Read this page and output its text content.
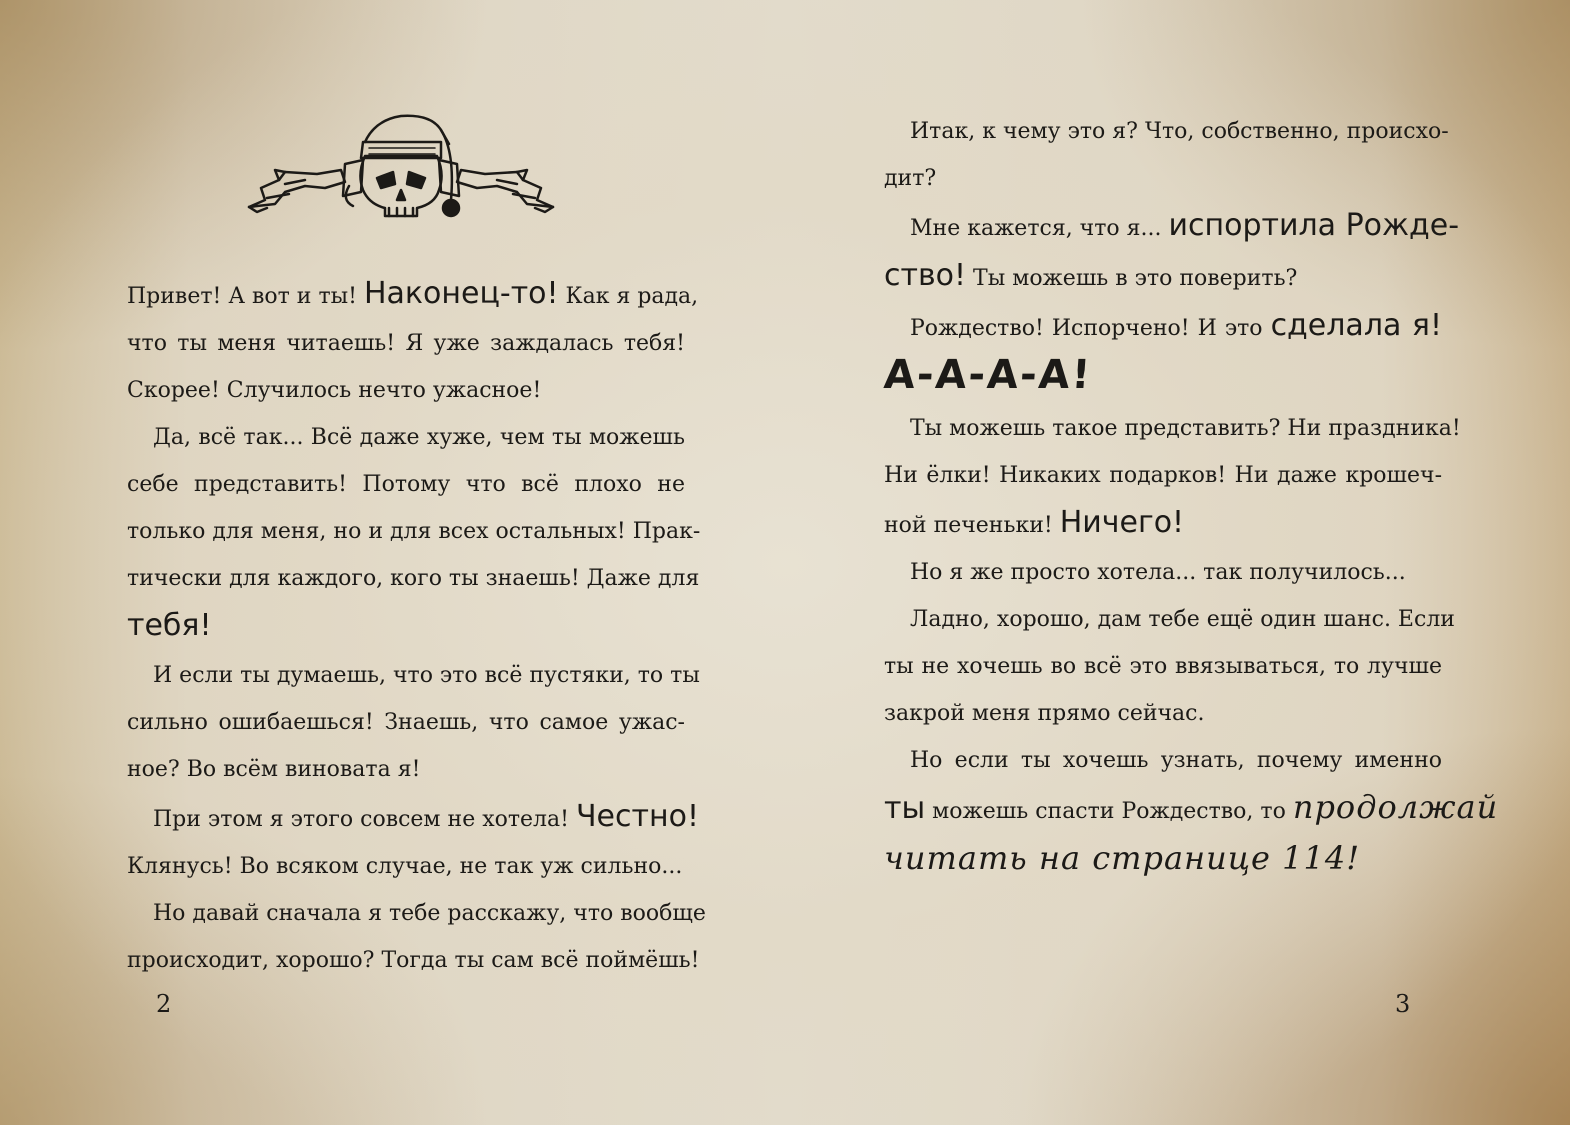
Привет! А вот и ты! Наконец-то! Как я рада,
что ты меня читаешь! Я уже заждалась тебя!
Скорее! Случилось нечто ужасное!
Да, всё так... Всё даже хуже, чем ты можешь
себе представить! Потому что всё плохо не
только для меня, но и для всех остальных! Прак-
тически для каждого, кого ты знаешь! Даже для
тебя!
И если ты думаешь, что это всё пустяки, то ты
сильно ошибаешься! Знаешь, что самое ужас-
ное? Во всём виновата я!
При этом я этого совсем не хотела! Честно!
Клянусь! Во всяком случае, не так уж сильно...
Но давай сначала я тебе расскажу, что вообще
происходит, хорошо? Тогда ты сам всё поймёшь!
2
Итак, к чему это я? Что, собственно, происхо-
дит?
Мне кажется, что я... испортила Рожде-
ство! Ты можешь в это поверить?
Рождество! Испорчено! И это сделала я!
А-А-А-А!
Ты можешь такое представить? Ни праздника!
Ни ёлки! Никаких подарков! Ни даже крошеч-
ной печеньки! Ничего!
Но я же просто хотела... так получилось...
Ладно, хорошо, дам тебе ещё один шанс. Если
ты не хочешь во всё это ввязываться, то лучше
закрой меня прямо сейчас.
Но если ты хочешь узнать, почему именно
ты можешь спасти Рождество, то продолжай
читать на странице 114!
3
